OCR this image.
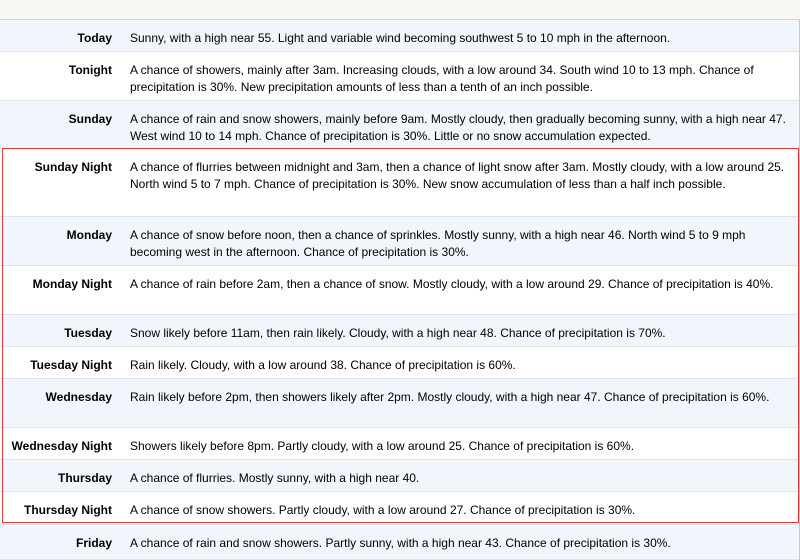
Today	Sunny, with a high near 55. Light and variable wind becoming southwest 5 to 10 mph in the afternoon.
Tonight	A chance of showers, mainly after 3am. Increasing clouds, with a low around 34. South wind 10 to 13 mph. Chance of precipitation is 30%. New precipitation amounts of less than a tenth of an inch possible.
Sunday	A chance of rain and snow showers, mainly before 9am. Mostly cloudy, then gradually becoming sunny, with a high near 47. West wind 10 to 14 mph. Chance of precipitation is 30%. Little or no snow accumulation expected.
Sunday Night	A chance of flurries between midnight and 3am, then a chance of light snow after 3am. Mostly cloudy, with a low around 25. North wind 5 to 7 mph. Chance of precipitation is 30%. New snow accumulation of less than a half inch possible.
Monday	A chance of snow before noon, then a chance of sprinkles. Mostly sunny, with a high near 46. North wind 5 to 9 mph becoming west in the afternoon. Chance of precipitation is 30%.
Monday Night	A chance of rain before 2am, then a chance of snow. Mostly cloudy, with a low around 29. Chance of precipitation is 40%.
Tuesday	Snow likely before 11am, then rain likely. Cloudy, with a high near 48. Chance of precipitation is 70%.
Tuesday Night	Rain likely. Cloudy, with a low around 38. Chance of precipitation is 60%.
Wednesday	Rain likely before 2pm, then showers likely after 2pm. Mostly cloudy, with a high near 47. Chance of precipitation is 60%.
Wednesday Night	Showers likely before 8pm. Partly cloudy, with a low around 25. Chance of precipitation is 60%.
Thursday	A chance of flurries. Mostly sunny, with a high near 40.
Thursday Night	A chance of snow showers. Partly cloudy, with a low around 27. Chance of precipitation is 30%.
Friday	A chance of rain and snow showers. Partly sunny, with a high near 43. Chance of precipitation is 30%.
